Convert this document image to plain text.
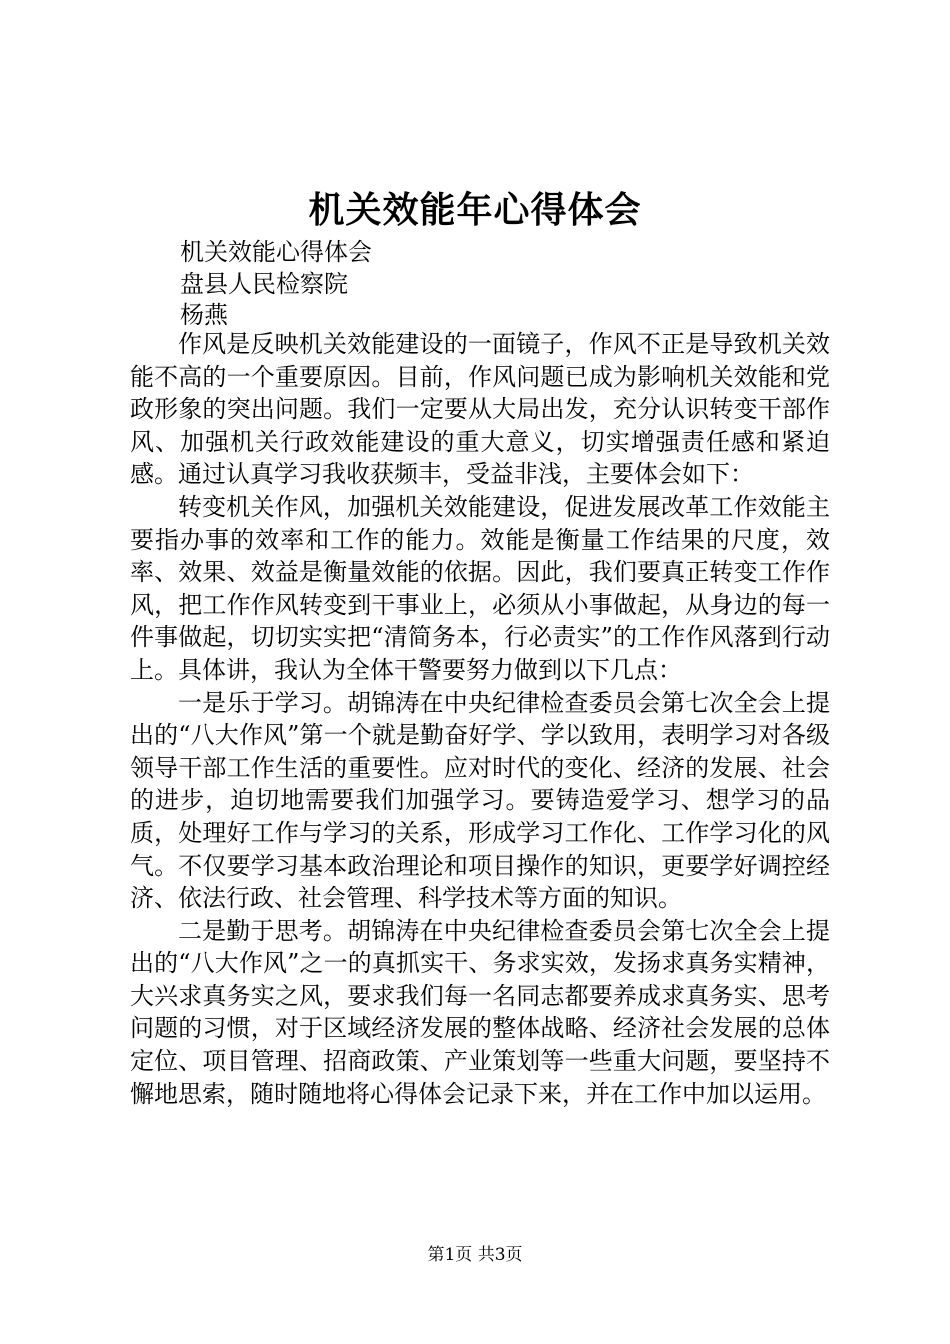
机关效能年心得体会
机关效能心得体会
盘县人民检察院
杨燕

作风是反映机关效能建设的一面镜子，作风不正是导致机关效能不高的一个重要原因。目前，作风问题已成为影响机关效能和党政形象的突出问题。我们一定要从大局出发，充分认识转变干部作风、加强机关行政效能建设的重大意义，切实增强责任感和紧迫感。通过认真学习我收获频丰，受益非浅，主要体会如下：

转变机关作风，加强机关效能建设，促进发展改革工作效能主要指办事的效率和工作的能力。效能是衡量工作结果的尺度，效率、效果、效益是衡量效能的依据。因此，我们要真正转变工作作风，把工作作风转变到干事业上，必须从小事做起，从身边的每一件事做起，切切实实把“清简务本，行必责实”的工作作风落到行动上。具体讲，我认为全体干警要努力做到以下几点：

一是乐于学习。胡锦涛在中央纪律检查委员会第七次全会上提出的“八大作风”第一个就是勤奋好学、学以致用，表明学习对各级领导干部工作生活的重要性。应对时代的变化、经济的发展、社会的进步，迫切地需要我们加强学习。要铸造爱学习、想学习的品质，处理好工作与学习的关系，形成学习工作化、工作学习化的风气。不仅要学习基本政治理论和项目操作的知识，更要学好调控经济、依法行政、社会管理、科学技术等方面的知识。

二是勤于思考。胡锦涛在中央纪律检查委员会第七次全会上提出的“八大作风”之一的真抓实干、务求实效，发扬求真务实精神，大兴求真务实之风，要求我们每一名同志都要养成求真务实、思考问题的习惯，对于区域经济发展的整体战略、经济社会发展的总体定位、项目管理、招商政策、产业策划等一些重大问题，要坚持不懈地思索，随时随地将心得体会记录下来，并在工作中加以运用。

第1页 共3页
